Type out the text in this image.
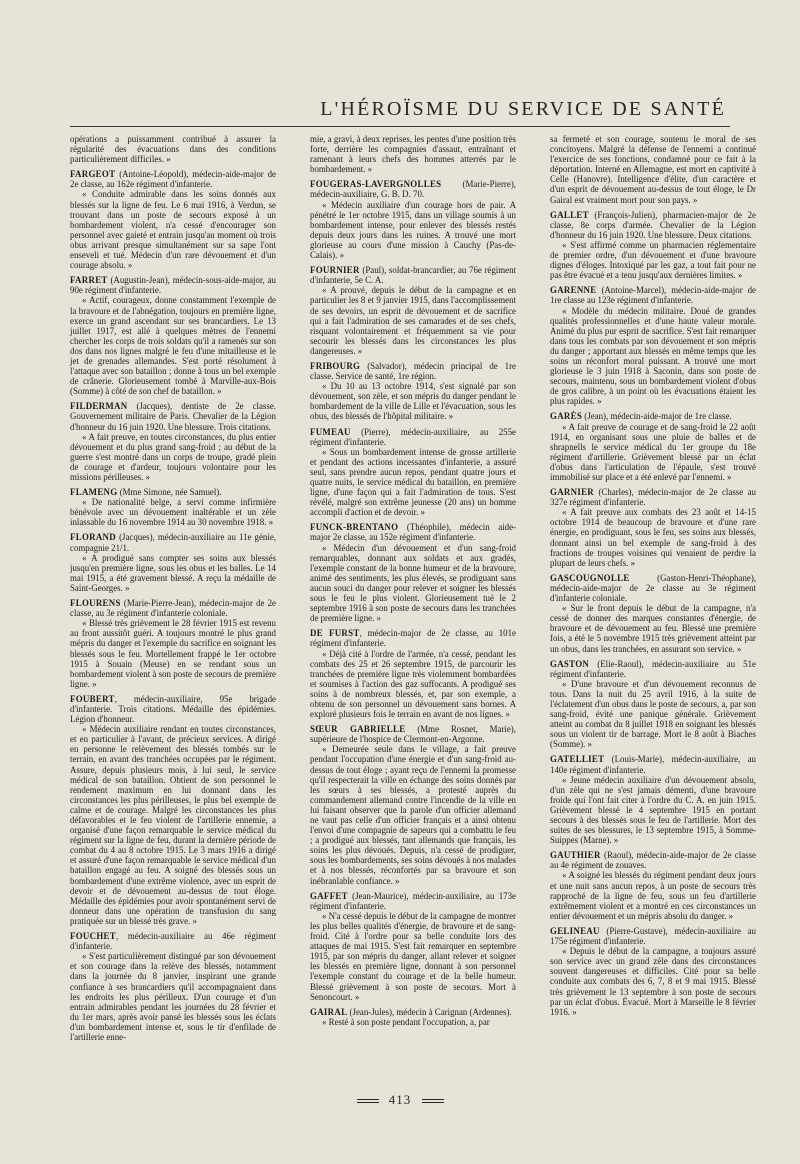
L'HÉROÏSME DU SERVICE DE SANTÉ

opérations a puissamment contribué à assurer la régularité des évacuations dans des conditions particulièrement difficiles. »

FARGEOT (Antoine-Léopold), médecin-aide-major de 2e classe, au 162e régiment d'infanterie.

« Conduite admirable dans les soins donnés aux blessés sur la ligne de feu. Le 6 mai 1916, à Verdun, se trouvant dans un poste de secours exposé à un bombardement violent, n'a cessé d'encourager son personnel avec gaieté et entrain jusqu'au moment où trois obus arrivant presque simultanément sur sa sape l'ont enseveli et tué. Médecin d'un rare dévouement et d'un courage absolu. »

FARRET (Augustin-Jean), médecin-sous-aide-major, au 90e régiment d'infanterie.

« Actif, courageux, donne constamment l'exemple de la bravoure et de l'abnégation, toujours en première ligne, exerce un grand ascendant sur ses brancardiers. Le 13 juillet 1917, est allé à quelques mètres de l'ennemi chercher les corps de trois soldats qu'il a ramenés sur son dos dans nos lignes malgré le feu d'une mitailleuse et le jet de grenades allemandes. S'est porté résolument à l'attaque avec son bataillon ; donne à tous un bel exemple de crânerie. Glorieusement tombé à Marville-aux-Bois (Somme) à côté de son chef de bataillon. »

FILDERMAN (Jacques), dentiste de 2e classe. Gouvernement militaire de Paris. Chevalier de la Légion d'honneur du 16 juin 1920. Une blessure. Trois citations.

« A fait preuve, en toutes circonstances, du plus entier dévouement et du plus grand sang-froid ; au début de la guerre s'est montré dans un corps de troupe, gradé plein de courage et d'ardeur, toujours volontaire pour les missions périlleuses. »

FLAMENG (Mme Simone, née Samuel).

« De nationalité belge, a servi comme infirmière bénévole avec un dévouement inaltérable et un zèle inlassable du 16 novembre 1914 au 30 novembre 1918. »

FLORAND (Jacques), médecin-auxiliaire au 11e génie, compagnie 21/1.

« A prodigué sans compter ses soins aux blessés jusqu'en première ligne, sous les obus et les balles. Le 14 mai 1915, a été gravement blessé. A reçu la médaille de Saint-Georges. »

FLOURENS (Marie-Pierre-Jean), médecin-major de 2e classe, au 3e régiment d'infanterie coloniale.

« Blessé très grièvement le 28 février 1915 est revenu au front aussitôt guéri. A toujours montré le plus grand mépris du danger et l'exemple du sacrifice en soignant les blessés sous le feu. Mortellement frappé le 1er octobre 1915 à Souain (Meuse) en se rendant sous un bombardement violent à son poste de secours de première ligne. »

FOUBERT, médecin-auxiliaire, 95e brigade d'infanterie. Trois citations. Médaille des épidémies. Légion d'honneur.

« Médecin auxiliaire rendant en toutes circonstances, et en particulier à l'avant, de précieux services. A dirigé en personne le relèvement des blessés tombés sur le terrain, en avant des tranchées occupées par le régiment. Assure, depuis plusieurs mois, à lui seul, le service médical de son bataillon. Obtient de son personnel le rendement maximum en lui donnant dans les circonstances les plus périlleuses, le plus bel exemple de calme et de courage. Malgré les circonstances les plus défavorables et le feu violent de l'artillerie ennemie, a organisé d'une façon remarquable le service médical du régiment sur la ligne de feu, durant la dernière période de combat du 4 au 8 octobre 1915. Le 3 mars 1916 a dirigé et assuré d'une façon remarquable le service médical d'un bataillon engagé au feu. A soigné des blessés sous un bombardement d'une extrême violence, avec un esprit de devoir et de dévouement au-dessus de tout éloge. Médaille des épidémies pour avoir spontanément servi de donneur dans une opération de transfusion du sang pratiquée sur un blessé très grave. »

FOUCHET, médecin-auxiliaire au 46e régiment d'infanterie.

« S'est particulièrement distingué par son dévouement et son courage dans la relève des blessés, notamment dans la journée du 8 janvier, inspirant une grande confiance à ses brancardiers qu'il accompagnaient dans les endroits les plus périlleux. D'un courage et d'un entrain admirables pendant les journées du 28 février et du 1er mars, après avoir pansé les blessés sous les éclats d'un bombardement intense et, sous le tir d'enfilade de l'artillerie enne-

mie, a gravi, à deux reprises, les pentes d'une position très forte, derrière les compagnies d'assaut, entraînant et ramenant à leurs chefs des hommes atterrés par le bombardement. »

FOUGERAS-LAVERGNOLLES (Marie-Pierre), médecin-auxiliaire, G. B. D. 70.

« Médecin auxiliaire d'un courage hors de pair. A pénétré le 1er octobre 1915, dans un village soumis à un bombardement intense, pour enlever des blessés restés depuis deux jours dans les ruines. A trouvé une mort glorieuse au cours d'une mission à Cauchy (Pas-de-Calais). »

FOURNIER (Paul), soldat-brancardier, au 76e régiment d'infanterie, 5e C. A.

« A prouvé, depuis le début de la campagne et en particulier les 8 et 9 janvier 1915, dans l'accomplissement de ses devoirs, un esprit de dévouement et de sacrifice qui a fait l'admiration de ses camarades et de ses chefs, risquant volontairement et fréquemment sa vie pour secourir les blessés dans les circonstances les plus dangereuses. »

FRIBOURG (Salvador), médecin principal de 1re classe. Service de santé, 1re région.

« Du 10 au 13 octobre 1914, s'est signalé par son dévouement, son zèle, et son mépris du danger pendant le bombardement de la ville de Lille et l'évacuation, sous les obus, des blessés de l'hôpital militaire. »

FUMEAU (Pierre), médecin-auxiliaire, au 255e régiment d'infanterie.

« Sous un bombardement intense de grosse artillerie et pendant des actions incessantes d'infanterie, a assuré seul, sans prendre aucun repos, pendant quatre jours et quatre nuits, le service médical du bataillon, en première ligne, d'une façon qui a fait l'admiration de tous. S'est révélé, malgré son extrême jeunesse (20 ans) un homme accompli d'action et de devoir. »

FUNCK-BRENTANO (Théophile), médecin aide-major 2e classe, au 152e régiment d'infanterie.

« Médecin d'un dévouement et d'un sang-froid remarquables, donnant aux soldats et aux gradés, l'exemple constant de la bonne humeur et de la bravoure, animé des sentiments, les plus élevés, se prodiguant sans aucun souci du danger pour relever et soigner les blessés sous le feu le plus violent. Glorieusement tué le 2 septembre 1916 à son poste de secours dans les tranchées de première ligne. »

DE FURST, médecin-major de 2e classe, au 101e régiment d'infanterie.

« Déjà cité à l'ordre de l'armée, n'a cessé, pendant les combats des 25 et 26 septembre 1915, de parcourir les tranchées de première ligne très violemment bombardées et soumises à l'action des gaz suffocants. A prodigué ses soins à de nombreux blessés, et, par son exemple, a obtenu de son personnel un dévouement sans bornes. A exploré plusieurs fois le terrain en avant de nos lignes. »

SŒUR GABRIELLE (Mme Rosnet, Marie), supérieure de l'hospice de Clermont-en-Argonne.

« Demeurée seule dans le village, a fait preuve pendant l'occupation d'une énergie et d'un sang-froid au-dessus de tout éloge ; ayant reçu de l'ennemi la promesse qu'il respecterait la ville en échange des soins donnés par les sœurs à ses blessés, a protesté auprès du commandement allemand contre l'incendie de la ville en lui faisant observer que la parole d'un officier allemand ne vaut pas celle d'un officier français et a ainsi obtenu l'envoi d'une compagnie de sapeurs qui a combattu le feu ; a prodigué aux blessés, tant allemands que français, les soins les plus dévoués. Depuis, n'a cessé de prodiguer, sous les bombardements, ses soins dévoués à nos malades et à nos blessés, réconfortés par sa bravoure et son inébranlable confiance. »

GAFFET (Jean-Maurice), médecin-auxiliaire, au 173e régiment d'infanterie.

« N'a cessé depuis le début de la campagne de montrer les plus belles qualités d'énergie, de bravoure et de sang-froid. Cité à l'ordre pour sa belle conduite lors des attaques de mai 1915. S'est fait remarquer en septembre 1915, par son mépris du danger, allant relever et soigner les blessés en première ligne, donnant à son personnel l'exemple constant du courage et de la belle humeur. Blessé grièvement à son poste de secours. Mort à Senoncourt. »

GAIRAL (Jean-Jules), médecin à Carignan (Ardennes).

« Resté à son poste pendant l'occupation, a, par

sa fermeté et son courage, soutenu le moral de ses concitoyens. Malgré la défense de l'ennemi a continué l'exercice de ses fonctions, condamné pour ce fait à la déportation. Interné en Allemagne, est mort en captivité à Celle (Hanovre). Intelligence d'élite, d'un caractère et d'un esprit de dévouement au-dessus de tout éloge, le Dr Gairal est vraiment mort pour son pays. »

GALLET (François-Julien), pharmacien-major de 2e classe, 8e corps d'armée. Chevalier de la Légion d'honneur du 16 juin 1920. Une blessure. Deux citations.

« S'est affirmé comme un pharmacien réglementaire de premier ordre, d'un dévouement et d'une bravoure dignes d'éloges. Intoxiqué par les gaz, a tout fait pour ne pas être évacué et a tenu jusqu'aux dernières limites. »

GARENNE (Antoine-Marcel), médecin-aide-major de 1re classe au 123e régiment d'infanterie.

« Modèle du médecin militaire. Doué de grandes qualités professionnelles et d'une haute valeur morale. Animé du plus pur esprit de sacrifice. S'est fait remarquer dans tous les combats par son dévouement et son mépris du danger ; apportant aux blessés en même temps que les soins un réconfort moral puissant. A trouvé une mort glorieuse le 3 juin 1918 à Saconin, dans son poste de secours, maintenu, sous un bombardement violent d'obus de gros calibre, à un point où les évacuations étaient les plus rapides. »

GARÈS (Jean), médecin-aide-major de 1re classe.

« A fait preuve de courage et de sang-froid le 22 août 1914, en organisant sous une pluie de balles et de shrapnells le service médical du 1er groupe du 18e régiment d'artillerie. Grièvement blessé par un éclat d'obus dans l'articulation de l'épaule, s'est trouvé immobilisé sur place et a été enlevé par l'ennemi. »

GARNIER (Charles), médecin-major de 2e classe au 327e régiment d'infanterie.

« A fait preuve aux combats des 23 août et 14-15 octobre 1914 de beaucoup de bravoure et d'une rare énergie, en prodiguant, sous le feu, ses soins aux blessés, donnant ainsi un bel exemple de sang-froid à des fractions de troupes voisines qui venaient de perdre la plupart de leurs chefs. »

GASCOUGNOLLE (Gaston-Henri-Théophane), médecin-aide-major de 2e classe au 3e régiment d'infanterie coloniale.

« Sur le front depuis le début de la campagne, n'a cessé de donner des marques constantes d'énergie, de bravoure et de dévouement au feu. Blessé une première fois, a été le 5 novembre 1915 très grièvement atteint par un obus, dans les tranchées, en assurant son service. »

GASTON (Elie-Raoul), médecin-auxiliaire au 51e régiment d'infanterie.

« D'une bravoure et d'un dévouement reconnus de tous. Dans la nuit du 25 avril 1916, à la suite de l'éclatement d'un obus dans le poste de secours, a, par son sang-froid, évité une panique générale. Grièvement atteint au combat du 8 juillet 1918 en soignant les blessés sous un violent tir de barrage. Mort le 8 août à Biaches (Somme). »

GATELLIET (Louis-Marie), médecin-auxiliaire, au 140e régiment d'infanterie.

« Jeune médecin auxiliaire d'un dévouement absolu, d'un zèle qui ne s'est jamais démenti, d'une bravoure froide qui l'ont fait citer à l'ordre du C. A. en juin 1915. Grièvement blessé le 4 septembre 1915 en portant secours à des blessés sous le feu de l'artillerie. Mort des suites de ses blessures, le 13 septembre 1915, à Somme-Suippes (Marne). »

GAUTHIER (Raoul), médecin-aide-major de 2e classe au 4e régiment de zouaves.

« A soigné les blessés du régiment pendant deux jours et une nuit sans aucun repos, à un poste de secours très rapproché de la ligne de feu, sous un feu d'artillerie extrêmement violent et a montré en ces circonstances un entier dévouement et un mépris absolu du danger. »

GELINEAU (Pierre-Gustave), médecin-auxiliaire au 175e régiment d'infanterie.

« Depuis le début de la campagne, a toujours assuré son service avec un grand zèle dans des circonstances souvent dangereuses et difficiles. Cité pour sa belle conduite aux combats des 6, 7, 8 et 9 mai 1915. Blessé très grièvement le 13 septembre à son poste de secours par un éclat d'obus. Évacué. Mort à Marseille le 8 février 1916. »

413
